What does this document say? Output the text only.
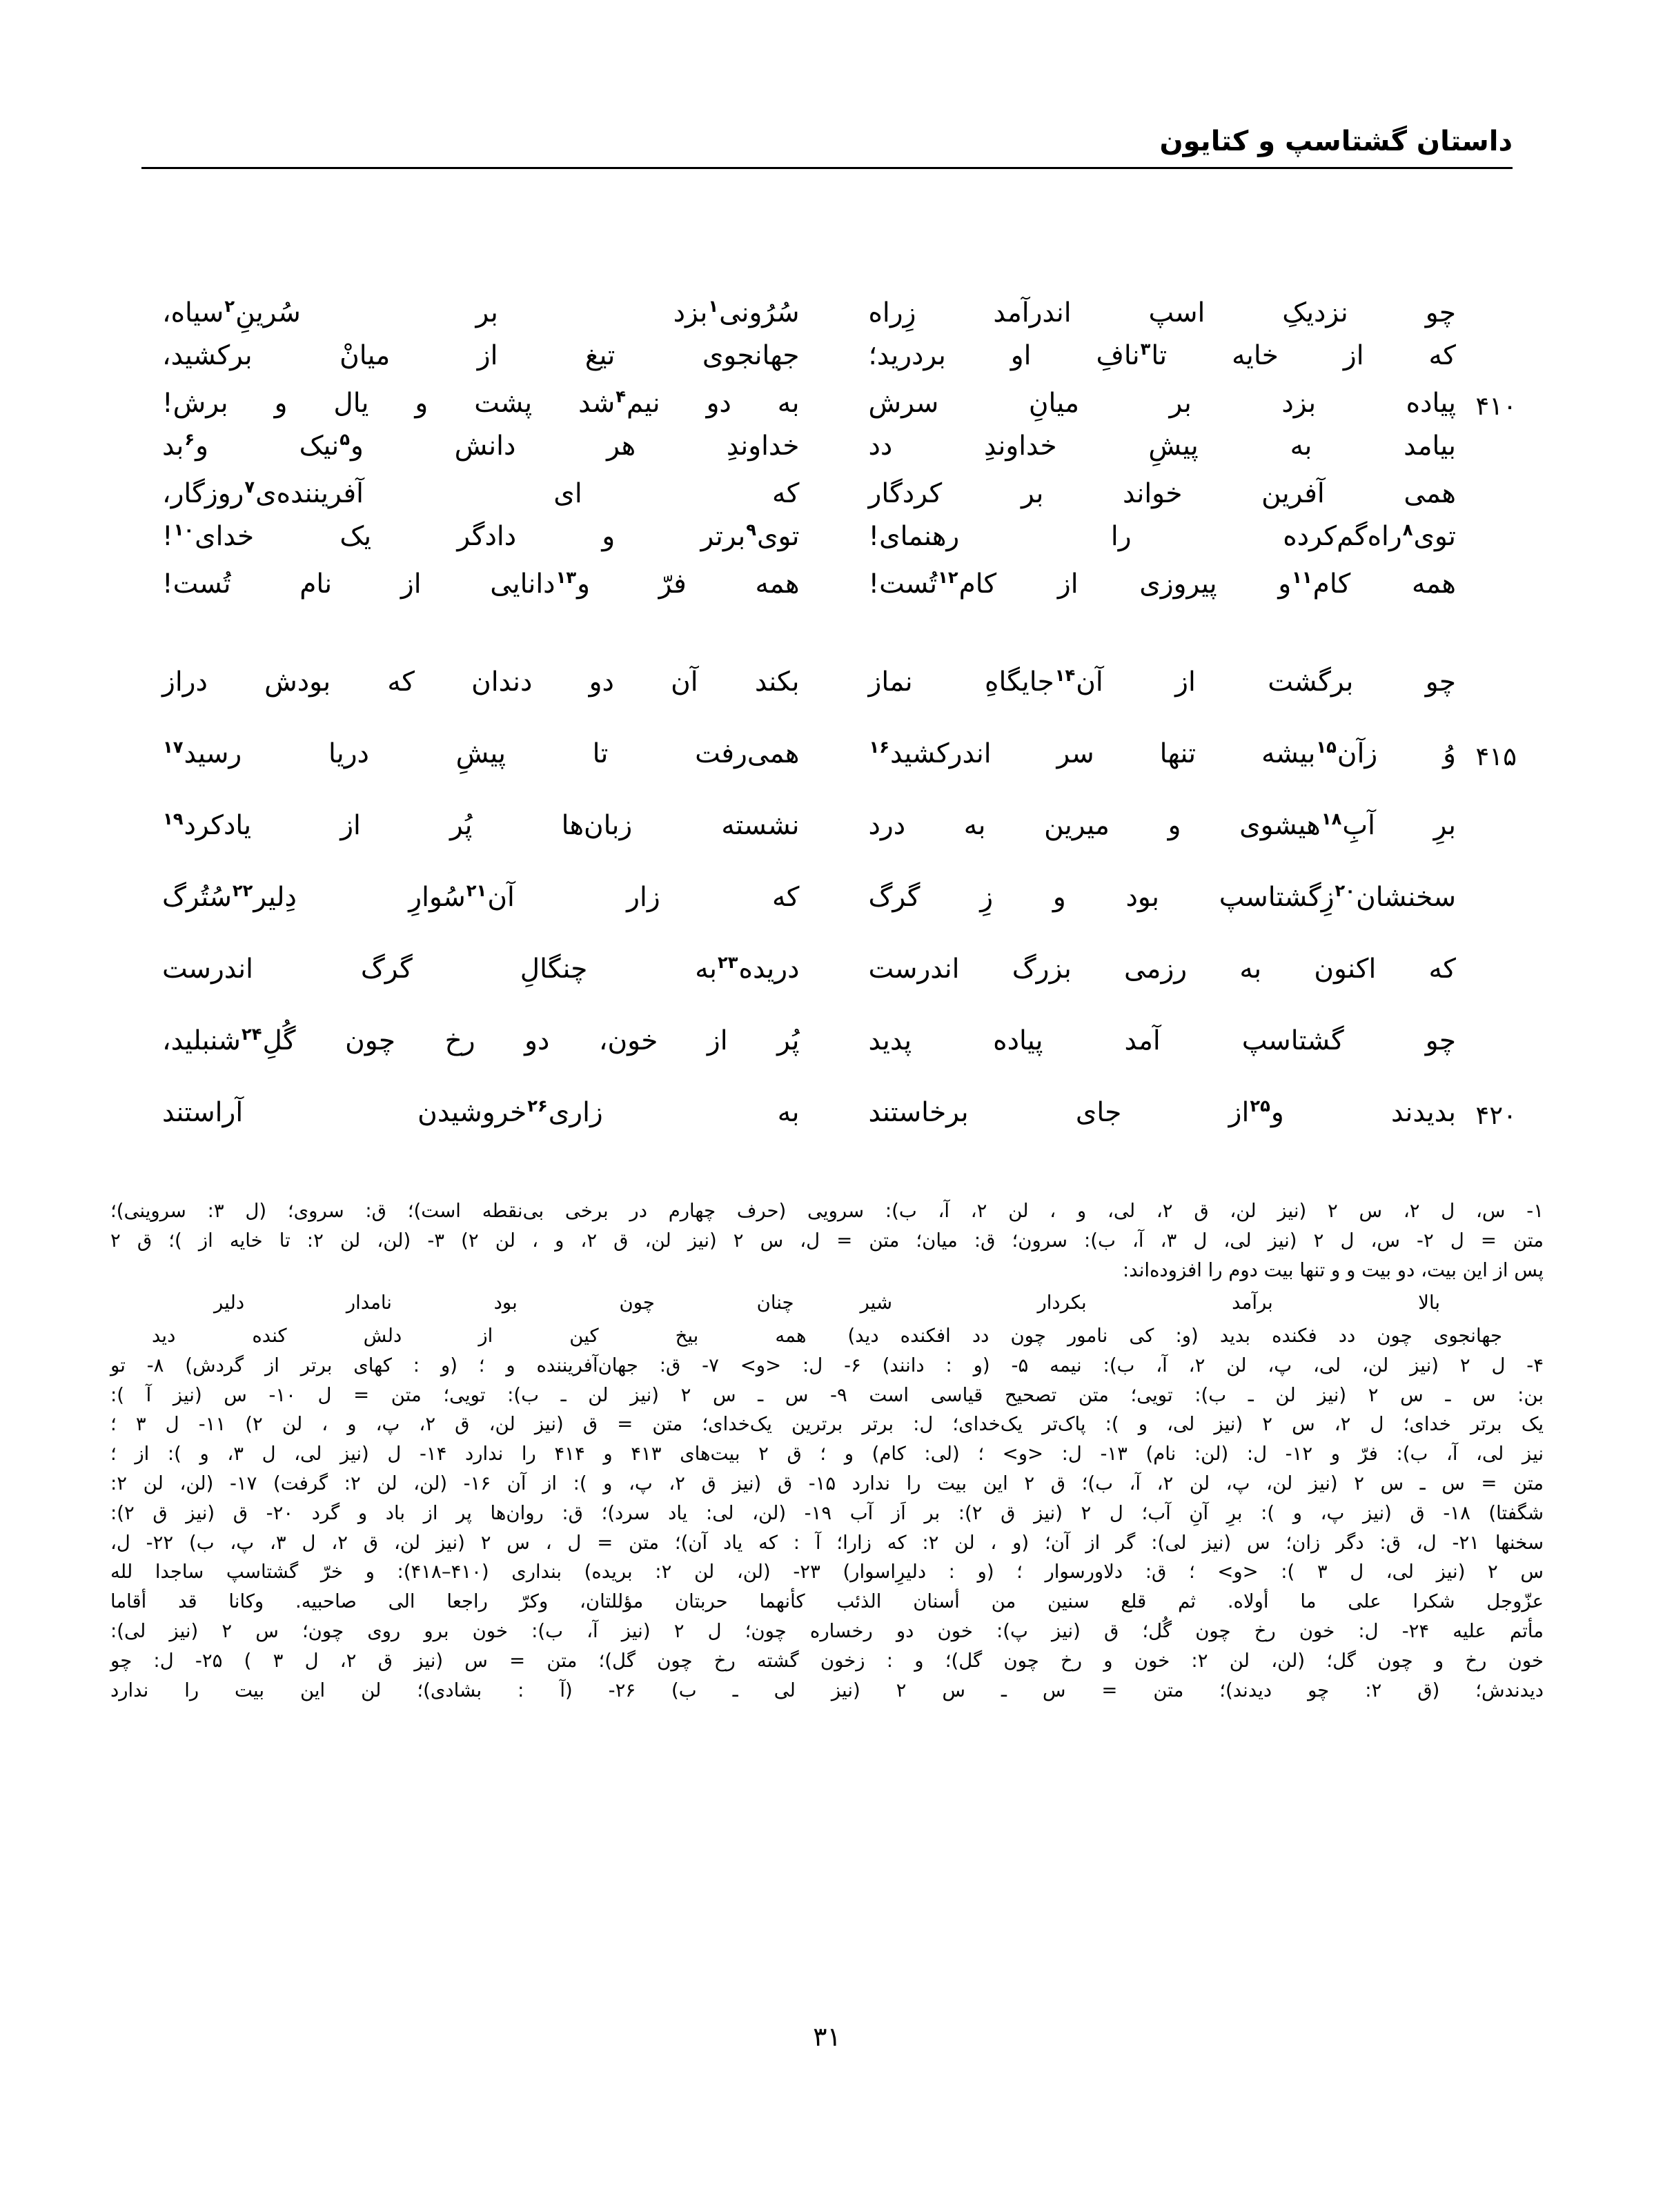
داستان گشتاسپ و کتایون
چو نزدیکِ اسپ اندرآمد زِراه
که از خایه تا$^۳$نافِ او بردرید؛
سُرُونی$^۱$بزد بر سُرینِ$^۲$سیاه،
جهانجوی تیغ از میانْ برکشید،
۴۱۰
پیاده بزد بر میانِ سرش
بیامد به پیشِ خداوندِ دد
به دو نیم$^۴$شد پشت و یال و برش!
خداوندِ هر دانش و$^۵$نیک و$^۶$بد
همی آفرین خواند بر کردگار
توی$^۸$راه‌گم‌کرده را رهنمای!
که ای آفریننده‌ی$^۷$روزگار،
توی$^۹$برتر و دادگر یک خدای$^{۱۰}$!
همه کام$^{۱۱}$و پیروزی از کام$^{۱۲}$تُست!
همه فرّ و$^{۱۳}$دانایی از نام تُست!
چو برگشت از آن$^{۱۴}$جایگاهِ نماز
بکند آن دو دندان که بودش دراز
۴۱۵
وُ زآن$^{۱۵}$بیشه تنها سر اندرکشید$^{۱۶}$
همی‌رفت تا پیشِ دریا رسید$^{۱۷}$
برِ آبِ$^{۱۸}$هیشوی و میرین به درد
نشسته زبان‌ها پُر از یادکرد$^{۱۹}$
سخنشان$^{۲۰}$زِگشتاسپ بود و زِ گرگ
که زار آن$^{۲۱}$سُوارِ دِلیر$^{۲۲}$سُتُرگ
که اکنون به رزمی بزرگ اندرست
دریده$^{۲۳}$به چنگالِ گرگ اندرست
چو گشتاسپ آمد پیاده پدید
پُر از خون، دو رخ چون گُلِ$^{۲۴}$شنبلید،
۴۲۰
بدیدند و$^{۲۵}$از جای برخاستند
به زاری$^{۲۶}$خروشیدن آراستند

۱- س، ل ۲، س ۲ (نیز لن، ق ۲، لی، و ، لن ۲، آ، ب): سرویی (حرف چهارم در برخی بی‌نقطه است)؛ ق: سروی؛ (ل ۳: سروینی)؛

متن = ل ۲- س، ل ۲ (نیز لی، ل ۳، آ، ب): سرون؛ ق: میان؛ متن = ل، س ۲ (نیز لن، ق ۲، و ، لن ۲) ۳- (لن، لن ۲: تا خایه از )؛ ق ۲

پس از این بیت، دو بیت و و تنها بیت دوم را افزوده‌اند:

بالا برآمد بکردار شیر
چنان چون بود نامدار دلیر
جهانجوی چون دد فکنده بدید (و: کی نامور چون دد افکنده دید)
همه بیخ کین از دلش کنده دید

۴- ل ۲ (نیز لن، لی، پ، لن ۲، آ، ب): نیمه ۵- (و : دانند) ۶- ل: <و> ۷- ق: جهان‌آفریننده و ؛ (و : کهای برتر از گردش) ۸- تو

بن: س ـ س ۲ (نیز لن ـ ب): تویی؛ متن تصحیح قیاسی است ۹- س ـ س ۲ (نیز لن ـ ب): تویی؛ متن = ل ۱۰- س (نیز آ ):

یک برتر خدای؛ ل ۲، س ۲ (نیز لی، و ): پاک‌تر یک‌خدای؛ ل: برتر برترین یک‌خدای؛ متن = ق (نیز لن، ق ۲، پ، و ، لن ۲) ۱۱- ل ۳ ؛

نیز لی، آ، ب): فرّ و ۱۲- ل: (لن: نام) ۱۳- ل: <و> ؛ (لی: کام) و ؛ ق ۲ بیت‌های ۴۱۳ و ۴۱۴ را ندارد ۱۴- ل (نیز لی، ل ۳، و ): از ؛

متن = س ـ س ۲ (نیز لن، پ، لن ۲، آ، ب)؛ ق ۲ این بیت را ندارد ۱۵- ق (نیز ق ۲، پ، و ): از آن ۱۶- (لن، لن ۲: گرفت) ۱۷- (لن، لن ۲:

شگفتا) ۱۸- ق (نیز پ، و ): برِ آنِ آب؛ ل ۲ (نیز ق ۲): بر اَز آب ۱۹- (لن، لی: یاد سرد)؛ ق: روان‌ها پر از باد و گرد ۲۰- ق (نیز ق ۲):

سخنها ۲۱- ل، ق: دگر زان؛ س (نیز لی): گر از آن؛ (و ، لن ۲: که زارا؛ آ : که یاد آن)؛ متن = ل ، س ۲ (نیز لن، ق ۲، ل ۳، پ، ب) ۲۲- ل،

س ۲ (نیز لی، ل ۳ ): <و> ؛ ق: دلاورسوار ؛ (و : دلیرِاسوار) ۲۳- (لن، لن ۲: بریده) بنداری (۴۱۰–۴۱۸): و خرّ گشتاسپ ساجدا لله

عزّوجل شکرا علی ما أولاه. ثم قلع سنین من أسنان الذئب کأنهما حربتان مؤللتان، وکرّ راجعا الی صاحبیه. وکانا قد أقاما

مأتم علیه ۲۴- ل: خون رخ چون گُل؛ ق (نیز پ): خون دو رخساره چون؛ ل ۲ (نیز آ، ب): خون برو روی چون؛ س ۲ (نیز لی):

خون رخ و چون گل؛ (لن، لن ۲: خون و رخ چون گل)؛ و : زخون گشته رخ چون گل)؛ متن = س (نیز ق ۲، ل ۳ ) ۲۵- ل: چو

دیدندش؛ (ق ۲: چو دیدند)؛ متن = س ـ س ۲ (نیز لی ـ ب) ۲۶- (آ : بشادی)؛ لن این بیت را ندارد

۳۱
